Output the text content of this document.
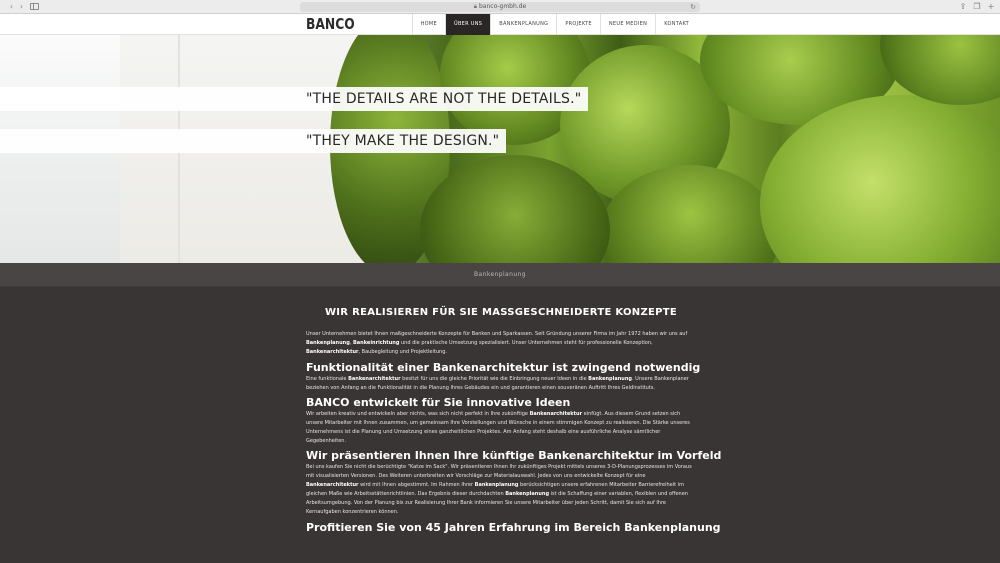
‹ ›	🔒︎ banco-gmbh.de	↻	⇪ ❐ +
BANCO	HOME	ÜBER UNS	BANKENPLANUNG	PROJEKTE	NEUE MEDIEN	KONTAKT
"THE DETAILS ARE NOT THE DETAILS."
"THEY MAKE THE DESIGN."
Bankenplanung
WIR REALISIEREN FÜR SIE MASSGESCHNEIDERTE KONZEPTE
Unser Unternehmen bietet Ihnen maßgeschneiderte Konzepte für Banken und Sparkassen. Seit Gründung unserer Firma im Jahr 1972 haben wir uns auf Bankenplanung, Bankeinrichtung und die praktische Umsetzung spezialisiert. Unser Unternehmen steht für professionelle Konzeption, Bankenarchitektur, Baubegleitung und Projektleitung.
Funktionalität einer Bankenarchitektur ist zwingend notwendig
Eine funktionale Bankenarchitektur besitzt für uns die gleiche Priorität wie die Einbringung neuer Ideen in die Bankenplanung. Unsere Bankenplaner beziehen von Anfang an die Funktionalität in die Planung Ihres Gebäudes ein und garantieren einen souveränen Auftritt Ihres Geldinstituts.
BANCO entwickelt für Sie innovative Ideen
Wir arbeiten kreativ und entwickeln aber nichts, was sich nicht perfekt in Ihre zukünftige Bankenarchitektur einfügt. Aus diesem Grund setzen sich unsere Mitarbeiter mit Ihnen zusammen, um gemeinsam Ihre Vorstellungen und Wünsche in einem stimmigen Konzept zu realisieren. Die Stärke unseres Unternehmens ist die Planung und Umsetzung eines ganzheitlichen Projektes. Am Anfang steht deshalb eine ausführliche Analyse sämtlicher Gegebenheiten.
Wir präsentieren Ihnen Ihre künftige Bankenarchitektur im Vorfeld
Bei uns kaufen Sie nicht die berüchtigte "Katze im Sack". Wir präsentieren Ihnen Ihr zukünftiges Projekt mittels unseres 3-D-Planungsprozesses im Voraus mit visualisierten Versionen. Des Weiteren unterbreiten wir Vorschläge zur Materialauswahl. Jedes von uns entwickelte Konzept für eine Bankenarchitektur wird mit Ihnen abgestimmt. Im Rahmen Ihrer Bankenplanung berücksichtigen unsere erfahrenen Mitarbeiter Barrierefreiheit im gleichen Maße wie Arbeitsstättenrichtlinien. Das Ergebnis dieser durchdachten Bankenplanung ist die Schaffung einer variablen, flexiblen und offenen Arbeitsumgebung. Von der Planung bis zur Realisierung Ihrer Bank informieren Sie unsere Mitarbeiter über jeden Schritt, damit Sie sich auf Ihre Kernaufgaben konzentrieren können.
Profitieren Sie von 45 Jahren Erfahrung im Bereich Bankenplanung
